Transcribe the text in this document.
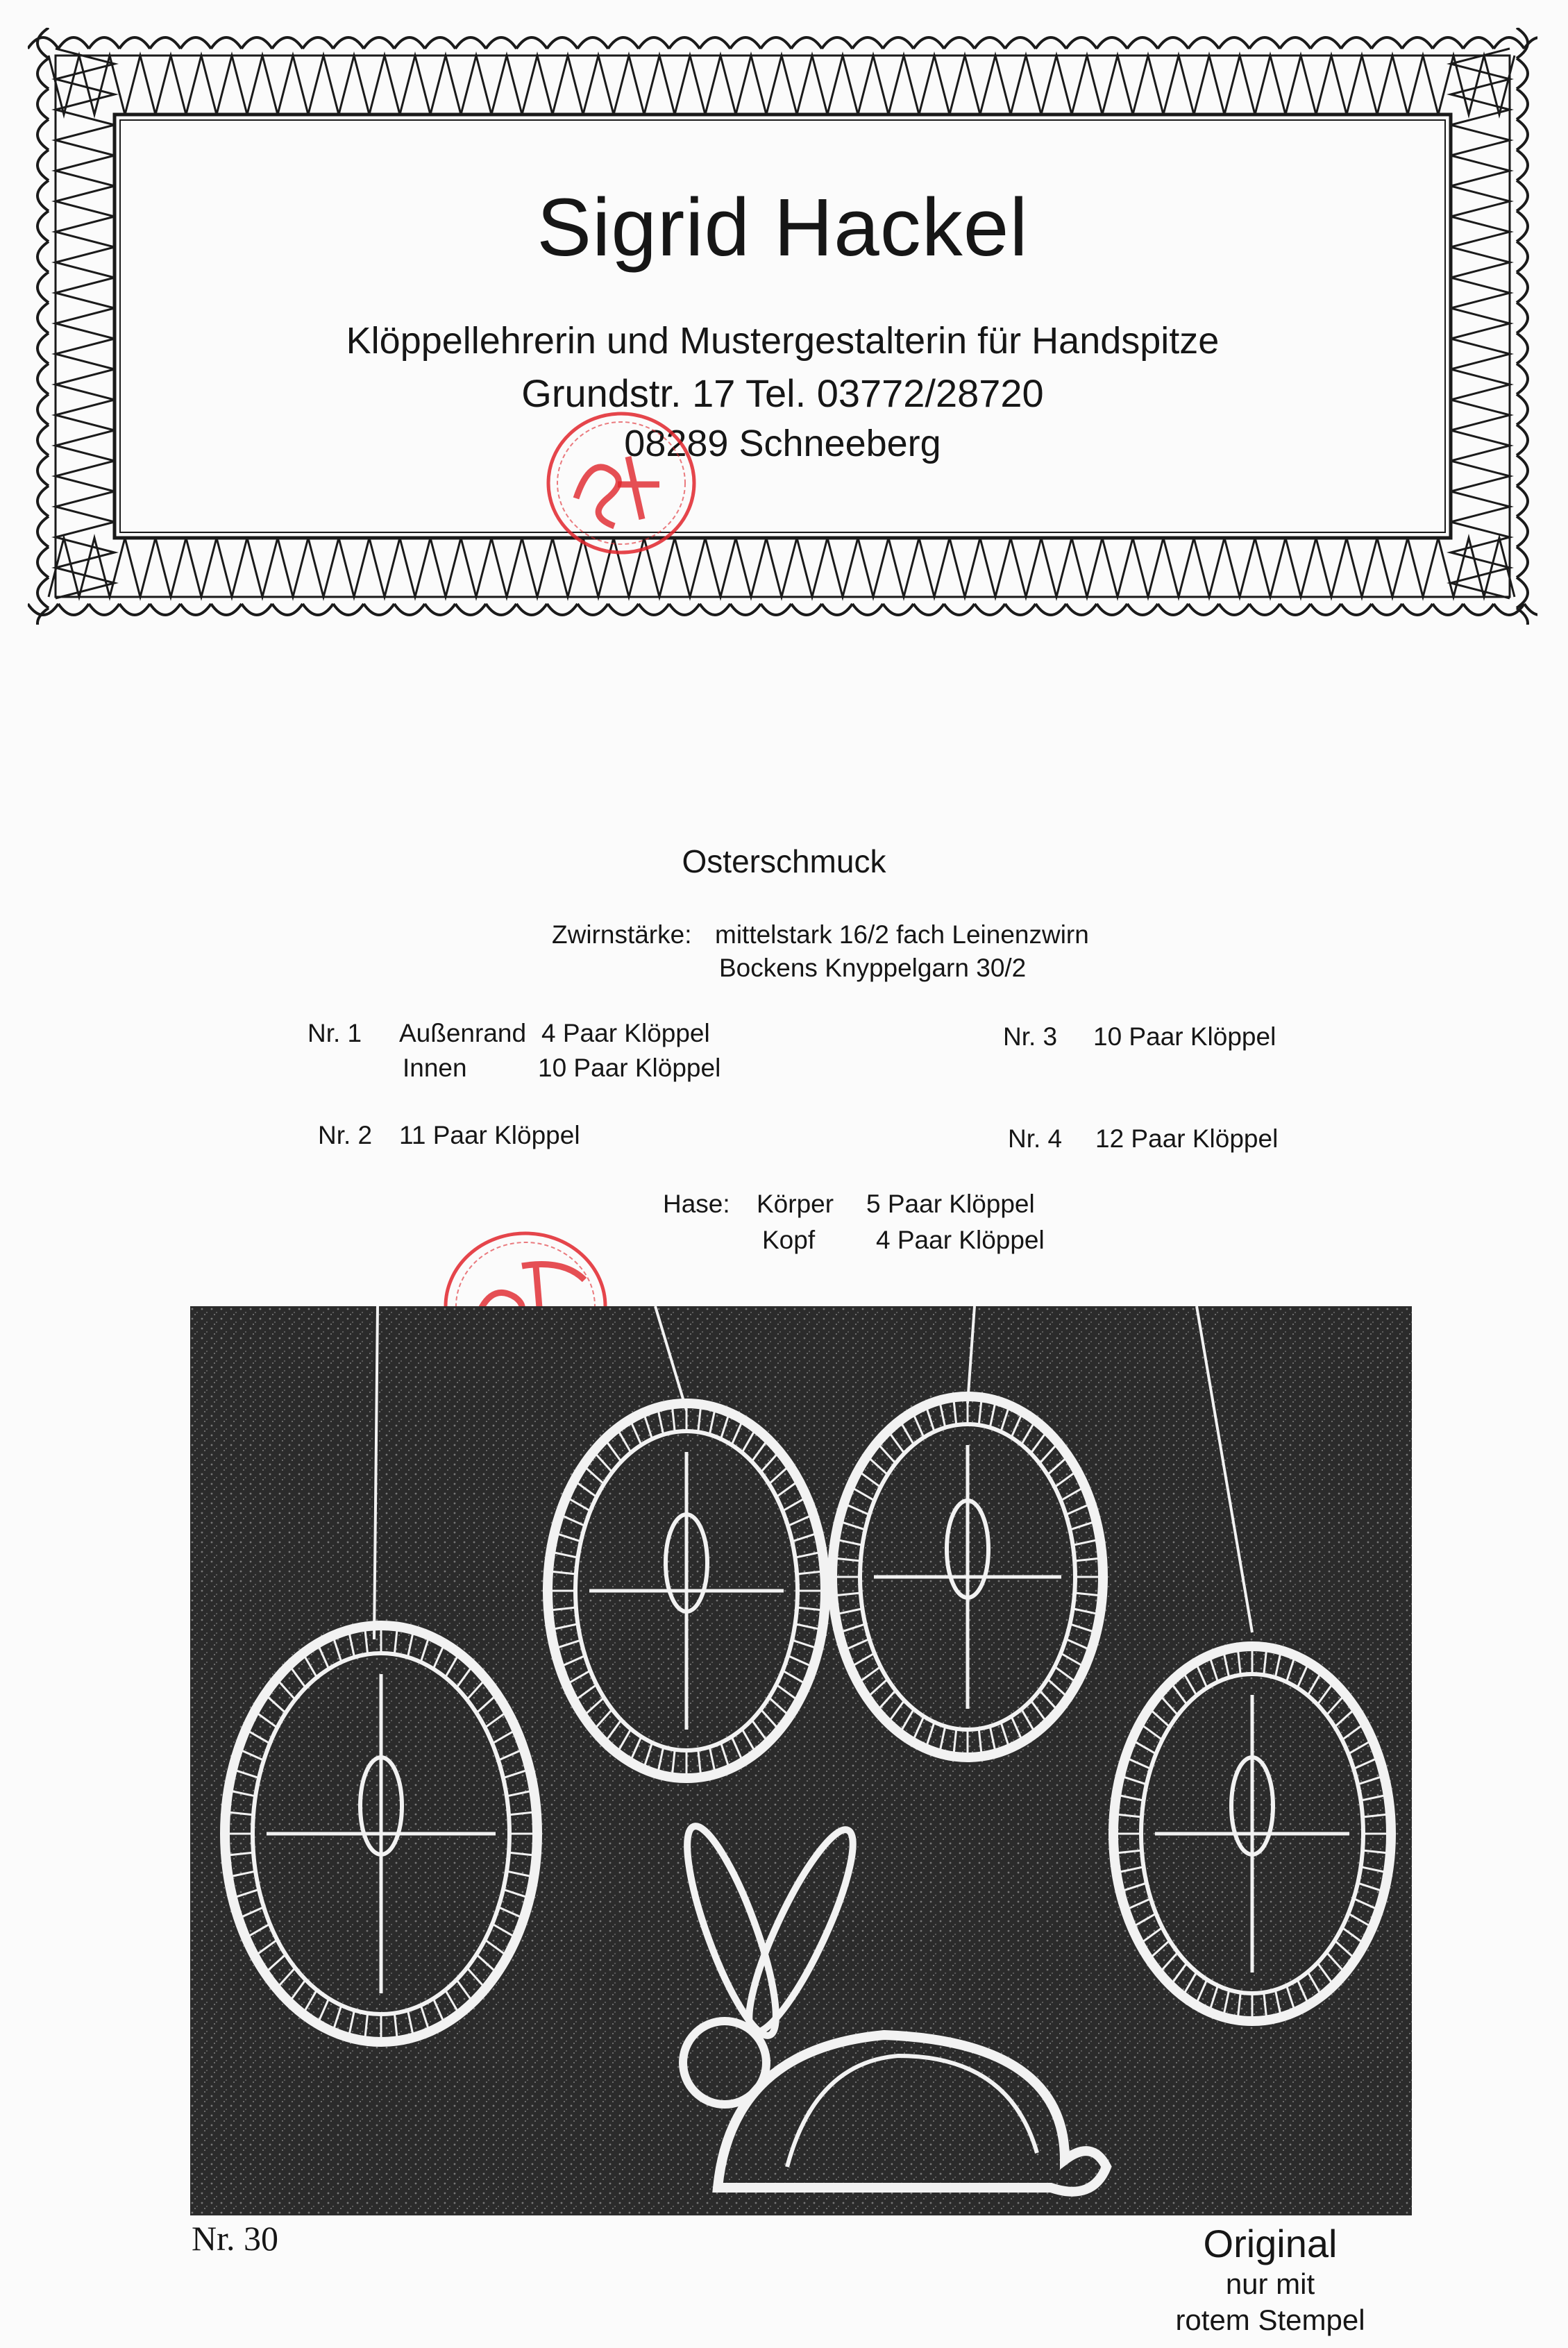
Sigrid Hackel
Klöppellehrerin und Mustergestalterin für Handspitze
Grundstr. 17 Tel. 03772/28720
08289 Schneeberg
Osterschmuck
Zwirnstärke: mittelstark 16/2 fach Leinenzwirn
Bockens Knyppelgarn 30/2
Nr. 1 Außenrand 4 Paar Klöppel
Innen	10 Paar Klöppel
Nr. 2 11 Paar Klöppel
Nr. 3 10 Paar Klöppel
Nr. 4 12 Paar Klöppel
Hase: Körper 5 Paar Klöppel
Kopf 4 Paar Klöppel
Nr. 30	Original
nur mit
rotem Stempel
